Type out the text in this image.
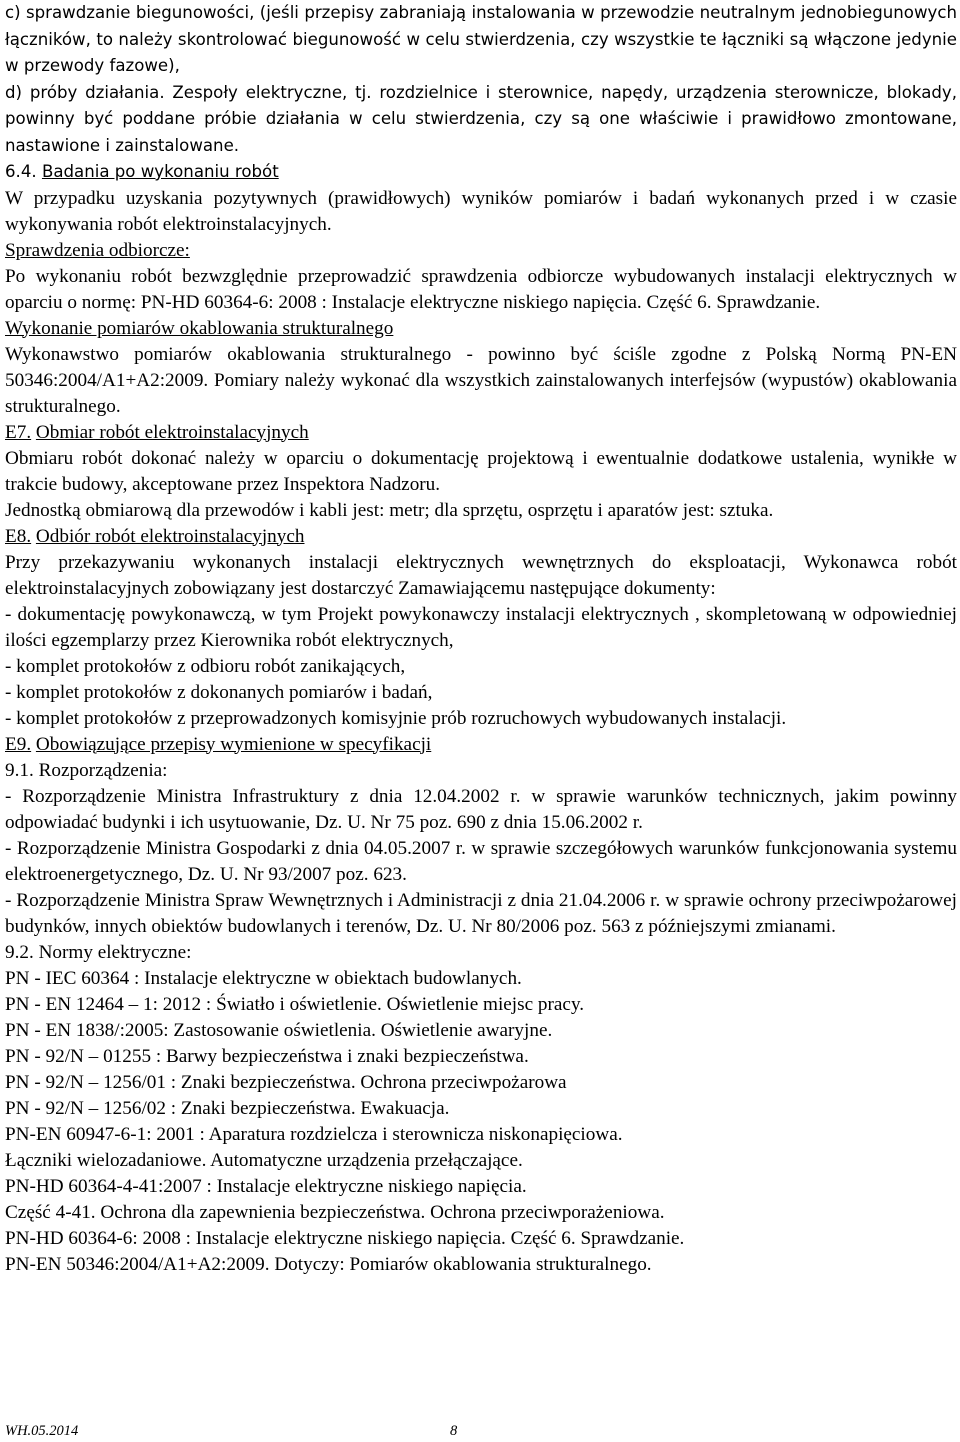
c) sprawdzanie biegunowości, (jeśli przepisy zabraniają instalowania w przewodzie neutralnym jednobiegunowych łączników, to należy skontrolować biegunowość w celu stwierdzenia, czy wszystkie te łączniki są włączone jedynie w przewody fazowe),

d) próby działania. Zespoły elektryczne, tj. rozdzielnice i sterownice, napędy, urządzenia sterownicze, blokady, powinny być poddane próbie działania w celu stwierdzenia, czy są one właściwie i prawidłowo zmontowane, nastawione i zainstalowane.

6.4. Badania po wykonaniu robót

W przypadku uzyskania pozytywnych (prawidłowych) wyników pomiarów i badań wykonanych przed i w czasie wykonywania robót elektroinstalacyjnych.

Sprawdzenia odbiorcze:

Po wykonaniu robót bezwzględnie przeprowadzić sprawdzenia odbiorcze wybudowanych instalacji elektrycznych w oparciu o normę: PN-HD 60364-6: 2008 : Instalacje elektryczne niskiego napięcia. Część 6. Sprawdzanie.

Wykonanie pomiarów okablowania strukturalnego

Wykonawstwo pomiarów okablowania strukturalnego - powinno być ściśle zgodne z Polską Normą PN-EN 50346:2004/A1+A2:2009. Pomiary należy wykonać dla wszystkich zainstalowanych interfejsów (wypustów) okablowania strukturalnego.

E7. Obmiar robót elektroinstalacyjnych

Obmiaru robót dokonać należy w oparciu o dokumentację projektową i ewentualnie dodatkowe ustalenia, wynikłe w trakcie budowy, akceptowane przez Inspektora Nadzoru.

Jednostką obmiarową dla przewodów i kabli jest: metr; dla sprzętu, osprzętu i aparatów jest: sztuka.

E8. Odbiór robót elektroinstalacyjnych

Przy przekazywaniu wykonanych instalacji elektrycznych wewnętrznych do eksploatacji, Wykonawca robót elektroinstalacyjnych zobowiązany jest dostarczyć Zamawiającemu następujące dokumenty:

- dokumentację powykonawczą, w tym Projekt powykonawczy instalacji elektrycznych , skompletowaną w odpowiedniej ilości egzemplarzy przez Kierownika robót elektrycznych,

- komplet protokołów z odbioru robót zanikających,

- komplet protokołów z dokonanych pomiarów i badań,

- komplet protokołów z przeprowadzonych komisyjnie prób rozruchowych wybudowanych instalacji.

E9. Obowiązujące przepisy wymienione w specyfikacji

9.1. Rozporządzenia:

- Rozporządzenie Ministra Infrastruktury z dnia 12.04.2002 r. w sprawie warunków technicznych, jakim powinny odpowiadać budynki i ich usytuowanie, Dz. U. Nr 75 poz. 690 z dnia 15.06.2002 r.

- Rozporządzenie Ministra Gospodarki z dnia 04.05.2007 r. w sprawie szczegółowych warunków funkcjonowania systemu elektroenergetycznego, Dz. U. Nr 93/2007 poz. 623.

- Rozporządzenie Ministra Spraw Wewnętrznych i Administracji z dnia 21.04.2006 r. w sprawie ochrony przeciwpożarowej budynków, innych obiektów budowlanych i terenów, Dz. U. Nr 80/2006 poz. 563 z późniejszymi zmianami.

9.2. Normy elektryczne:

PN - IEC 60364 : Instalacje elektryczne w obiektach budowlanych.

PN - EN 12464 – 1: 2012 : Światło i oświetlenie. Oświetlenie miejsc pracy.

PN - EN 1838/:2005: Zastosowanie oświetlenia. Oświetlenie awaryjne.

PN - 92/N – 01255 : Barwy bezpieczeństwa i znaki bezpieczeństwa.

PN - 92/N – 1256/01 : Znaki bezpieczeństwa. Ochrona przeciwpożarowa

PN - 92/N – 1256/02 : Znaki bezpieczeństwa. Ewakuacja.

PN-EN 60947-6-1: 2001 : Aparatura rozdzielcza i sterownicza niskonapięciowa.

Łączniki wielozadaniowe. Automatyczne urządzenia przełączające.

PN-HD 60364-4-41:2007 : Instalacje elektryczne niskiego napięcia.

Część 4-41. Ochrona dla zapewnienia bezpieczeństwa. Ochrona przeciwporażeniowa.

PN-HD 60364-6: 2008 : Instalacje elektryczne niskiego napięcia. Część 6. Sprawdzanie.

PN-EN 50346:2004/A1+A2:2009. Dotyczy: Pomiarów okablowania strukturalnego.

WH.05.2014	8
